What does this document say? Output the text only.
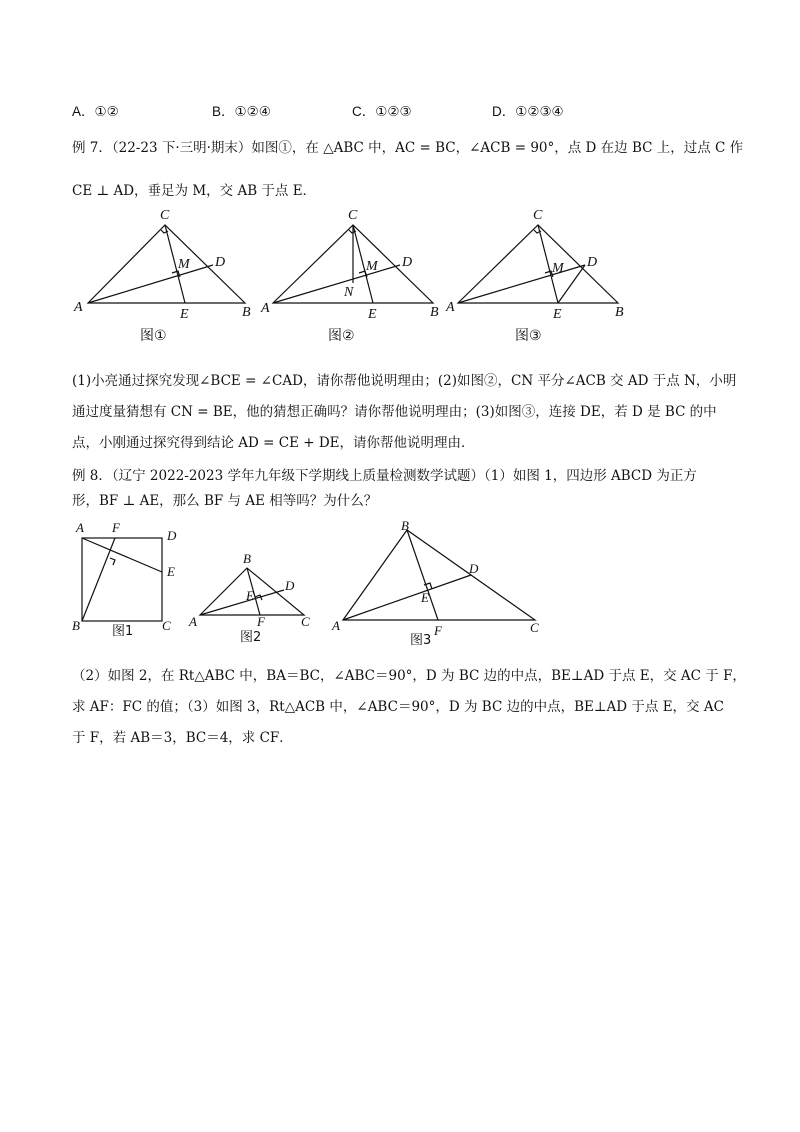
A．①②	B．①②④	C．①②③	D．①②③④
例 7．（22-23 下·三明·期末）如图①，在 △ABC 中，AC = BC，∠ACB = 90°，点 D 在边 BC 上，过点 C 作
CE ⊥ AD，垂足为 M，交 AB 于点 E．
C
D
M
A	E	B
C
D
M
N
A	E	B
C
D
M
A	E	B
图①	图②	图③
(1)小亮通过探究发现∠BCE = ∠CAD，请你帮他说明理由；(2)如图②，CN 平分∠ACB 交 AD 于点 N，小明
通过度量猜想有 CN = BE，他的猜想正确吗？请你帮他说明理由；(3)如图③，连接 DE，若 D 是 BC 的中
点，小刚通过探究得到结论 AD = CE + DE，请你帮他说明理由．
例 8．（辽宁 2022-2023 学年九年级下学期线上质量检测数学试题）（1）如图 1，四边形 ABCD 为正方
形，BF ⊥ AE，那么 BF 与 AE 相等吗？为什么？
A F
D
E
B	C
图1
B
D
E
A	F	C
图2
B
D
E
A	F	C
图3
（2）如图 2，在 Rt△ABC 中，BA＝BC，∠ABC＝90°，D 为 BC 边的中点，BE⊥AD 于点 E，交 AC 于 F，
求 AF：FC 的值；（3）如图 3，Rt△ACB 中，∠ABC＝90°，D 为 BC 边的中点，BE⊥AD 于点 E，交 AC
于 F，若 AB＝3，BC＝4，求 CF．
